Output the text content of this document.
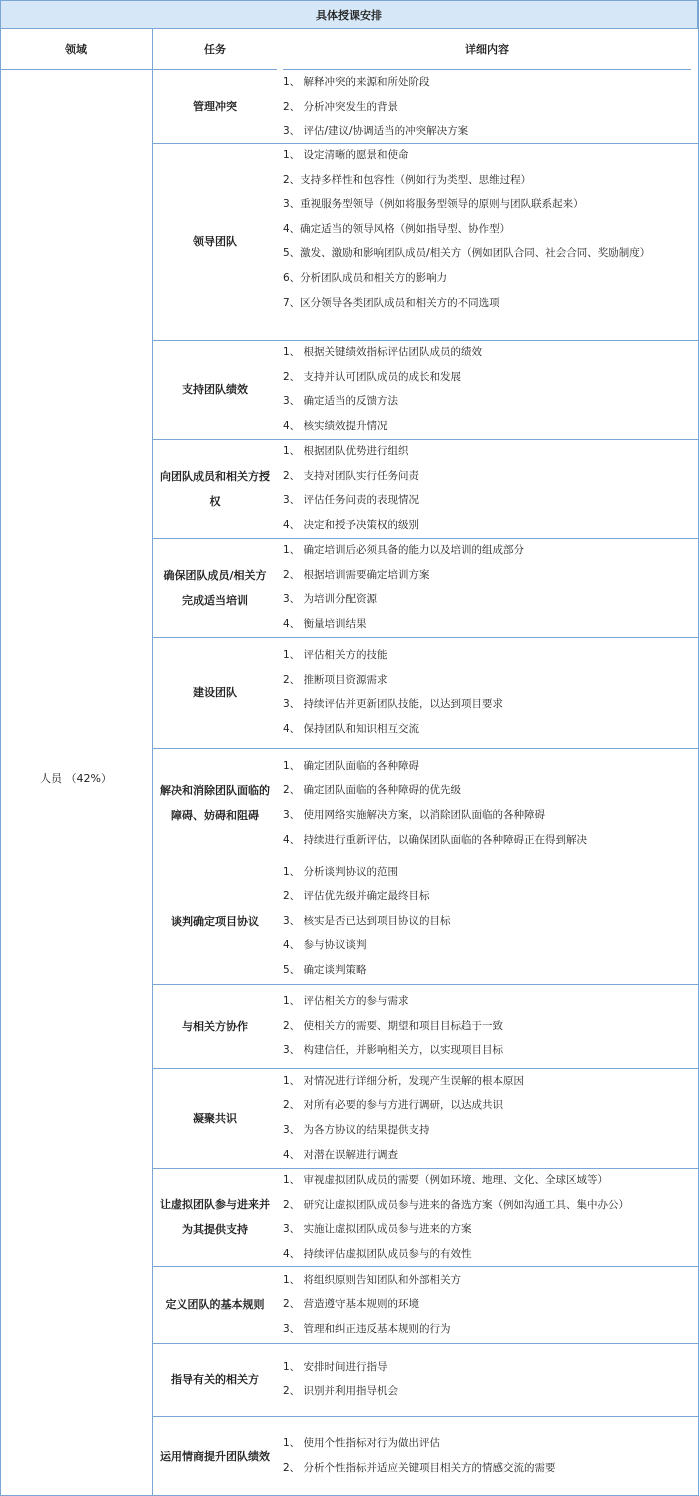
具体授课安排
领域	任务	详细内容
人员 （42%）
管理冲突
1、 解释冲突的来源和所处阶段
2、 分析冲突发生的背景
3、 评估/建议/协调适当的冲突解决方案
领导团队
1、 设定清晰的愿景和使命
2、支持多样性和包容性（例如行为类型、思维过程）
3、重视服务型领导（例如将服务型领导的原则与团队联系起来）
4、确定适当的领导风格（例如指导型、协作型）
5、激发、激励和影响团队成员/相关方（例如团队合同、社会合同、奖励制度）
6、分析团队成员和相关方的影响力
7、区分领导各类团队成员和相关方的不同选项
支持团队绩效
1、 根据关键绩效指标评估团队成员的绩效
2、 支持并认可团队成员的成长和发展
3、 确定适当的反馈方法
4、 核实绩效提升情况
向团队成员和相关方授权
1、 根据团队优势进行组织
2、 支持对团队实行任务问责
3、 评估任务问责的表现情况
4、 决定和授予决策权的级别
确保团队成员/相关方完成适当培训
1、 确定培训后必须具备的能力以及培训的组成部分
2、 根据培训需要确定培训方案
3、 为培训分配资源
4、 衡量培训结果
建设团队
1、 评估相关方的技能
2、 推断项目资源需求
3、 持续评估并更新团队技能，以达到项目要求
4、 保持团队和知识相互交流
解决和消除团队面临的障碍、妨碍和阻碍
1、 确定团队面临的各种障碍
2、 确定团队面临的各种障碍的优先级
3、 使用网络实施解决方案，以消除团队面临的各种障碍
4、 持续进行重新评估，以确保团队面临的各种障碍正在得到解决
谈判确定项目协议
1、 分析谈判协议的范围
2、 评估优先级并确定最终目标
3、 核实是否已达到项目协议的目标
4、 参与协议谈判
5、 确定谈判策略
与相关方协作
1、 评估相关方的参与需求
2、 使相关方的需要、期望和项目目标趋于一致
3、 构建信任，并影响相关方，以实现项目目标
凝聚共识
1、 对情况进行详细分析，发现产生误解的根本原因
2、 对所有必要的参与方进行调研，以达成共识
3、 为各方协议的结果提供支持
4、 对潜在误解进行调查
让虚拟团队参与进来并为其提供支持
1、 审视虚拟团队成员的需要（例如环境、地理、文化、全球区域等）
2、 研究让虚拟团队成员参与进来的备选方案（例如沟通工具、集中办公）
3、 实施让虚拟团队成员参与进来的方案
4、 持续评估虚拟团队成员参与的有效性
定义团队的基本规则
1、 将组织原则告知团队和外部相关方
2、 营造遵守基本规则的环境
3、 管理和纠正违反基本规则的行为
指导有关的相关方
1、 安排时间进行指导
2、 识别并利用指导机会
运用情商提升团队绩效
1、 使用个性指标对行为做出评估
2、 分析个性指标并适应关键项目相关方的情感交流的需要
